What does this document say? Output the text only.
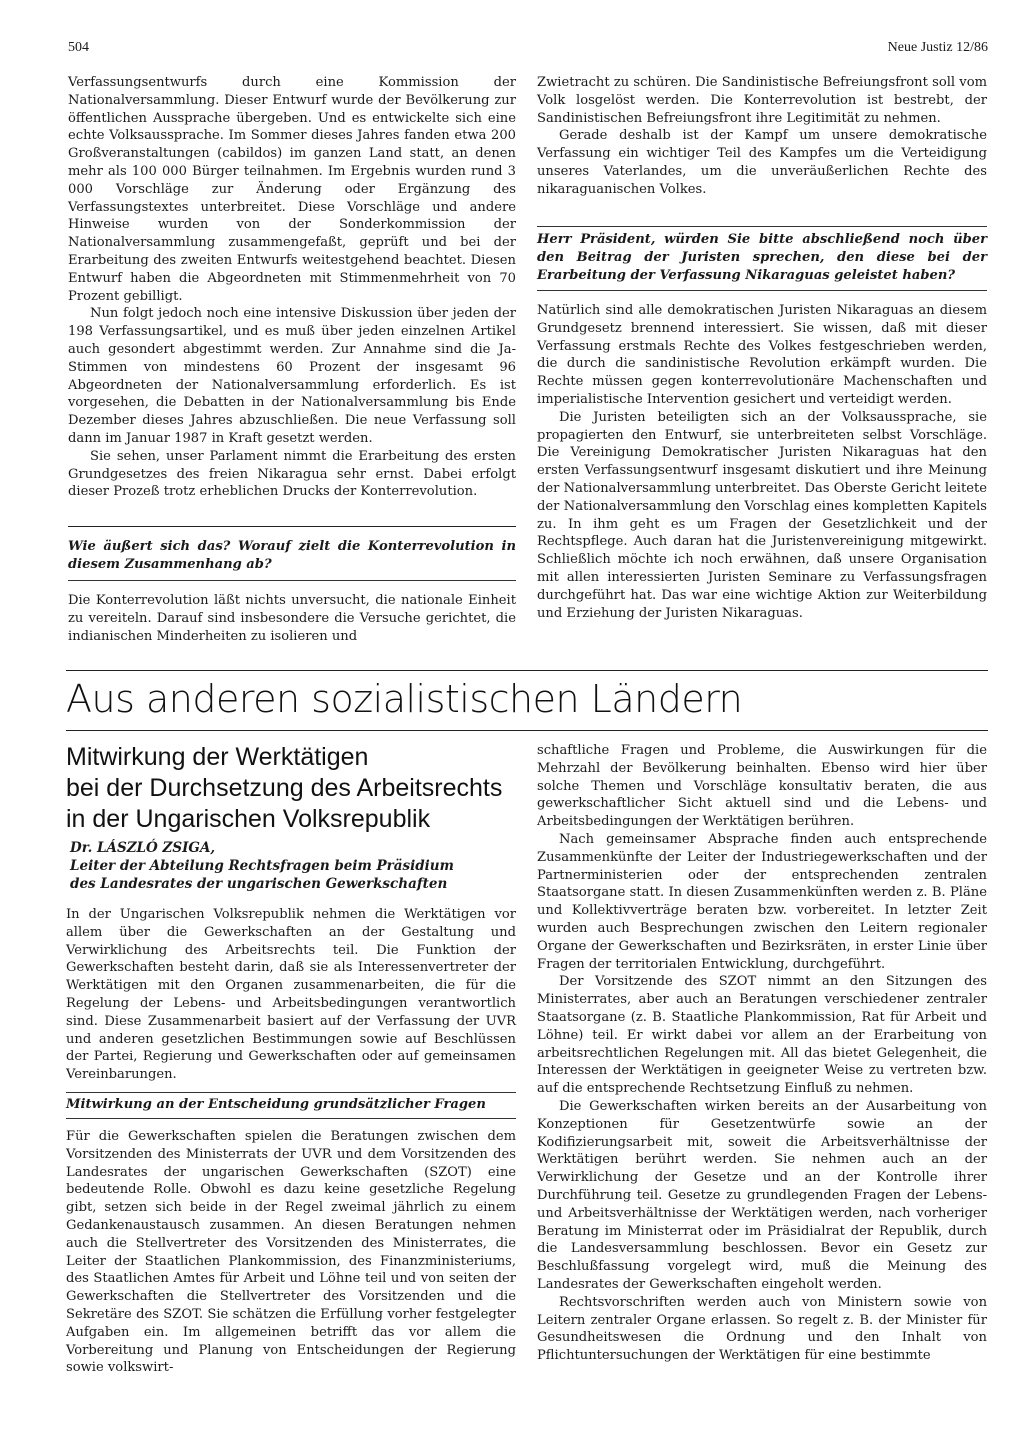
504	Neue Justiz 12/86

Verfassungsentwurfs durch eine Kommission der Nationalversammlung. Dieser Entwurf wurde der Bevölkerung zur öffentlichen Aussprache übergeben. Und es entwickelte sich eine echte Volksaussprache. Im Sommer dieses Jahres fanden etwa 200 Großveranstaltungen (cabildos) im ganzen Land statt, an denen mehr als 100 000 Bürger teilnahmen. Im Ergebnis wurden rund 3 000 Vorschläge zur Änderung oder Ergänzung des Verfassungstextes unterbreitet. Diese Vorschläge und andere Hinweise wurden von der Sonderkommission der Nationalversammlung zusammengefaßt, geprüft und bei der Erarbeitung des zweiten Entwurfs weitestgehend beachtet. Diesen Entwurf haben die Abgeordneten mit Stimmenmehrheit von 70 Prozent gebilligt.

Nun folgt jedoch noch eine intensive Diskussion über jeden der 198 Verfassungsartikel, und es muß über jeden einzelnen Artikel auch gesondert abgestimmt werden. Zur Annahme sind die Ja-Stimmen von mindestens 60 Prozent der insgesamt 96 Abgeordneten der Nationalversammlung erforderlich. Es ist vorgesehen, die Debatten in der Nationalversammlung bis Ende Dezember dieses Jahres abzuschließen. Die neue Verfassung soll dann im Januar 1987 in Kraft gesetzt werden.

Sie sehen, unser Parlament nimmt die Erarbeitung des ersten Grundgesetzes des freien Nikaragua sehr ernst. Dabei erfolgt dieser Prozeß trotz erheblichen Drucks der Konterrevolution.

Wie äußert sich das? Worauf zielt die Konterrevolution in diesem Zusammenhang ab?

Die Konterrevolution läßt nichts unversucht, die nationale Einheit zu vereiteln. Darauf sind insbesondere die Versuche gerichtet, die indianischen Minderheiten zu isolieren und

Zwietracht zu schüren. Die Sandinistische Befreiungsfront soll vom Volk losgelöst werden. Die Konterrevolution ist bestrebt, der Sandinistischen Befreiungsfront ihre Legitimität zu nehmen.

Gerade deshalb ist der Kampf um unsere demokratische Verfassung ein wichtiger Teil des Kampfes um die Verteidigung unseres Vaterlandes, um die unveräußerlichen Rechte des nikaraguanischen Volkes.

Herr Präsident, würden Sie bitte abschließend noch über den Beitrag der Juristen sprechen, den diese bei der Erarbeitung der Verfassung Nikaraguas geleistet haben?

Natürlich sind alle demokratischen Juristen Nikaraguas an diesem Grundgesetz brennend interessiert. Sie wissen, daß mit dieser Verfassung erstmals Rechte des Volkes festgeschrieben werden, die durch die sandinistische Revolution erkämpft wurden. Die Rechte müssen gegen konterrevolutionäre Machenschaften und imperialistische Intervention gesichert und verteidigt werden.

Die Juristen beteiligten sich an der Volksaussprache, sie propagierten den Entwurf, sie unterbreiteten selbst Vorschläge. Die Vereinigung Demokratischer Juristen Nikaraguas hat den ersten Verfassungsentwurf insgesamt diskutiert und ihre Meinung der Nationalversammlung unterbreitet. Das Oberste Gericht leitete der Nationalversammlung den Vorschlag eines kompletten Kapitels zu. In ihm geht es um Fragen der Gesetzlichkeit und der Rechtspflege. Auch daran hat die Juristenvereinigung mitgewirkt. Schließlich möchte ich noch erwähnen, daß unsere Organisation mit allen interessierten Juristen Seminare zu Verfassungsfragen durchgeführt hat. Das war eine wichtige Aktion zur Weiterbildung und Erziehung der Juristen Nikaraguas.

Aus anderen sozialistischen Ländern
Mitwirkung der Werktätigen
bei der Durchsetzung des Arbeitsrechts
in der Ungarischen Volksrepublik
Dr. LÁSZLÓ ZSIGA,
Leiter der Abteilung Rechtsfragen beim Präsidium
des Landesrates der ungarischen Gewerkschaften

In der Ungarischen Volksrepublik nehmen die Werktätigen vor allem über die Gewerkschaften an der Gestaltung und Verwirklichung des Arbeitsrechts teil. Die Funktion der Gewerkschaften besteht darin, daß sie als Interessenvertreter der Werktätigen mit den Organen zusammenarbeiten, die für die Regelung der Lebens- und Arbeitsbedingungen verantwortlich sind. Diese Zusammenarbeit basiert auf der Verfassung der UVR und anderen gesetzlichen Bestimmungen sowie auf Beschlüssen der Partei, Regierung und Gewerkschaften oder auf gemeinsamen Vereinbarungen.

Mitwirkung an der Entscheidung grundsätzlicher Fragen

Für die Gewerkschaften spielen die Beratungen zwischen dem Vorsitzenden des Ministerrats der UVR und dem Vorsitzenden des Landesrates der ungarischen Gewerkschaften (SZOT) eine bedeutende Rolle. Obwohl es dazu keine gesetzliche Regelung gibt, setzen sich beide in der Regel zweimal jährlich zu einem Gedankenaustausch zusammen. An diesen Beratungen nehmen auch die Stellvertreter des Vorsitzenden des Ministerrates, die Leiter der Staatlichen Plankommission, des Finanzministeriums, des Staatlichen Amtes für Arbeit und Löhne teil und von seiten der Gewerkschaften die Stellvertreter des Vorsitzenden und die Sekretäre des SZOT. Sie schätzen die Erfüllung vorher festgelegter Aufgaben ein. Im allgemeinen betrifft das vor allem die Vorbereitung und Planung von Entscheidungen der Regierung sowie volkswirt-

schaftliche Fragen und Probleme, die Auswirkungen für die Mehrzahl der Bevölkerung beinhalten. Ebenso wird hier über solche Themen und Vorschläge konsultativ beraten, die aus gewerkschaftlicher Sicht aktuell sind und die Lebens- und Arbeitsbedingungen der Werktätigen berühren.

Nach gemeinsamer Absprache finden auch entsprechende Zusammenkünfte der Leiter der Industriegewerkschaften und der Partnerministerien oder der entsprechenden zentralen Staatsorgane statt. In diesen Zusammenkünften werden z. B. Pläne und Kollektivverträge beraten bzw. vorbereitet. In letzter Zeit wurden auch Besprechungen zwischen den Leitern regionaler Organe der Gewerkschaften und Bezirksräten, in erster Linie über Fragen der territorialen Entwicklung, durchgeführt.

Der Vorsitzende des SZOT nimmt an den Sitzungen des Ministerrates, aber auch an Beratungen verschiedener zentraler Staatsorgane (z. B. Staatliche Plankommission, Rat für Arbeit und Löhne) teil. Er wirkt dabei vor allem an der Erarbeitung von arbeitsrechtlichen Regelungen mit. All das bietet Gelegenheit, die Interessen der Werktätigen in geeigneter Weise zu vertreten bzw. auf die entsprechende Rechtsetzung Einfluß zu nehmen.

Die Gewerkschaften wirken bereits an der Ausarbeitung von Konzeptionen für Gesetzentwürfe sowie an der Kodifizierungsarbeit mit, soweit die Arbeitsverhältnisse der Werktätigen berührt werden. Sie nehmen auch an der Verwirklichung der Gesetze und an der Kontrolle ihrer Durchführung teil. Gesetze zu grundlegenden Fragen der Lebens- und Arbeitsverhältnisse der Werktätigen werden, nach vorheriger Beratung im Ministerrat oder im Präsidialrat der Republik, durch die Landesversammlung beschlossen. Bevor ein Gesetz zur Beschlußfassung vorgelegt wird, muß die Meinung des Landesrates der Gewerkschaften eingeholt werden.

Rechtsvorschriften werden auch von Ministern sowie von Leitern zentraler Organe erlassen. So regelt z. B. der Minister für Gesundheitswesen die Ordnung und den Inhalt von Pflichtuntersuchungen der Werktätigen für eine bestimmte
